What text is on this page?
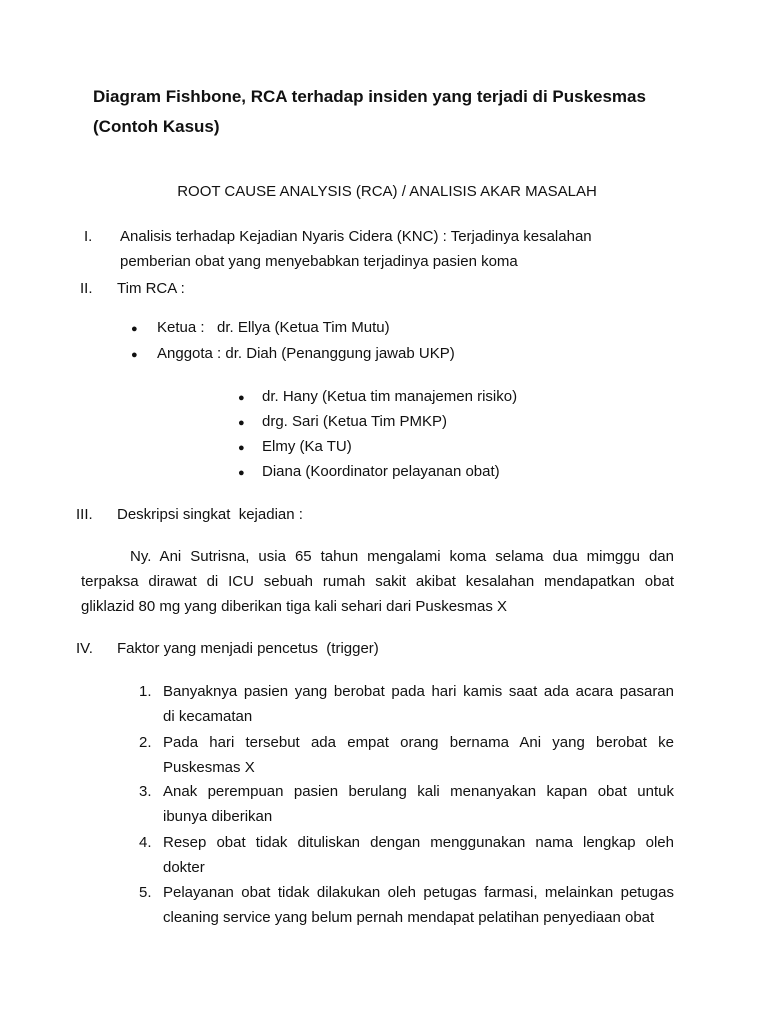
Diagram Fishbone, RCA terhadap insiden yang terjadi di Puskesmas
(Contoh Kasus)

ROOT CAUSE ANALYSIS (RCA) / ANALISIS AKAR MASALAH

I. Analisis terhadap Kejadian Nyaris Cidera (KNC) : Terjadinya kesalahan
pemberian obat yang menyebabkan terjadinya pasien koma
II. Tim RCA :
● Ketua :   dr. Ellya (Ketua Tim Mutu)
● Anggota : dr. Diah (Penanggung jawab UKP)
● dr. Hany (Ketua tim manajemen risiko)
● drg. Sari (Ketua Tim PMKP)
● Elmy (Ka TU)
● Diana (Koordinator pelayanan obat)
III. Deskripsi singkat  kejadian :
Ny. Ani Sutrisna, usia 65 tahun mengalami koma selama dua mimggu dan
terpaksa dirawat di ICU sebuah rumah sakit akibat kesalahan mendapatkan obat
gliklazid 80 mg yang diberikan tiga kali sehari dari Puskesmas X
IV. Faktor yang menjadi pencetus  (trigger)
1. Banyaknya pasien yang berobat pada hari kamis saat ada acara pasaran
di kecamatan
2. Pada hari tersebut ada empat orang bernama Ani yang berobat ke
Puskesmas X
3. Anak perempuan pasien berulang kali menanyakan kapan obat untuk
ibunya diberikan
4. Resep obat tidak dituliskan dengan menggunakan nama lengkap oleh
dokter
5. Pelayanan obat tidak dilakukan oleh petugas farmasi, melainkan petugas
cleaning service yang belum pernah mendapat pelatihan penyediaan obat
